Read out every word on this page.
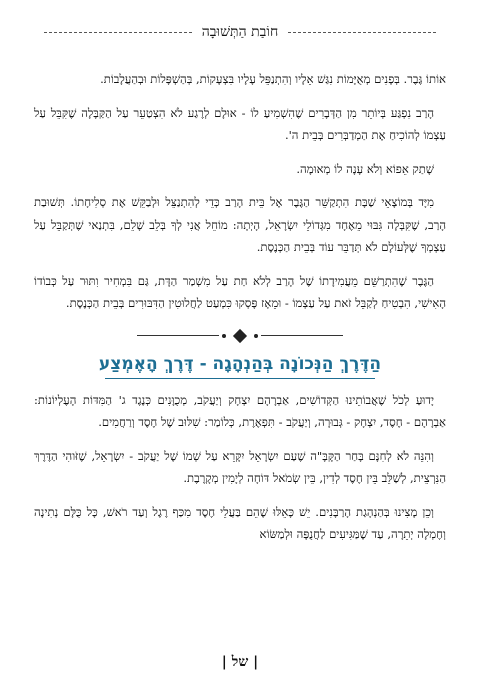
חוֹבַת הַתְּשׁוּבָה

אוֹתוֹ גֶּבֶר. בְּפָנִים מְאֻיָּמוֹת נִגַּשׁ אֵלָיו וְהִתְנַפֵּל עָלָיו בִּצְעָקוֹת, בְּהַשְׁפָּלוֹת וּבְהַעֲלָבוֹת.

הָרַב נִפְגַּע בְּיוֹתֵר מִן הַדְּבָרִים שֶׁהִשְׁמִיעַ לוֹ - אוּלָם לְרֶגַע לֹא הִצְטַעֵר עַל הַקַּבָּלָה שֶׁקִּבֵּל עַל עַצְמוֹ לְהוֹכִיחַ אֶת הַמְדַבְּרִים בְּבֵית ה'.

שָׁתַק אֵפוֹא וְלֹא עָנָה לוֹ מְאוּמָה.

מִיָּד בְּמוֹצָאֵי שַׁבָּת הִתְקַשֵּׁר הַגֶּבֶר אֶל בֵּית הָרַב כְּדֵי לְהִתְנַצֵּל וּלְבַקֵּשׁ אֶת סְלִיחָתוֹ. תְּשׁוּבַת הָרַב, שֶׁקִּבְּלָה גִּבּוּי מֵאֶחָד מִגְּדוֹלֵי יִשְׂרָאֵל, הָיְתָה: מוֹחֵל אֲנִי לְךָ בְּלֵב שָׁלֵם, בִּתְנַאי שֶׁתְּקַבֵּל עַל עַצְמְךָ שֶׁלְּעוֹלָם לֹא תְּדַבֵּר עוֹד בְּבֵית הַכְּנֶסֶת.

הַגֶּבֶר שֶׁהִתְרַשֵּׁם מֵעֲמִידָתוֹ שֶׁל הָרַב לְלֹא חַת עַל מִשְׁמַר הַדָּת, גַּם בִּמְחִיר וִתּוּר עַל כְּבוֹדוֹ הָאִישִׁי, הִבְטִיחַ לְקַבֵּל זֹאת עַל עַצְמוֹ - וּמֵאָז פָּסְקוּ כִּמְעַט לַחֲלוּטִין הַדִּבּוּרִים בְּבֵית הַכְּנֶסֶת.

הַדֶּרֶךְ הַנְּכוֹנָה בְּהַנְהָגָה - דֶּרֶךְ הָאֶמְצַע

יָדוּעַ לְכֹל שֶׁאֲבוֹתֵינוּ הַקְּדוֹשִׁים, אַבְרָהָם יִצְחָק וְיַעֲקֹב, מְכֻוָּנִים כְּנֶגֶד ג' הַמִּדּוֹת הָעֶלְיוֹנוֹת: אַבְרָהָם - חֶסֶד, יִצְחָק - גְּבוּרָה, וְיַעֲקֹב - תִּפְאֶרֶת, כְּלוֹמַר: שִׁלּוּב שֶׁל חֶסֶד וְרַחֲמִים.

וְהִנֵּה לֹא לְחִנָּם בָּחַר הַקָּבָּ"ה שֶׁעַם יִשְׂרָאֵל יִקָּרֵא עַל שְׁמוֹ שֶׁל יַעֲקֹב - יִשְׂרָאֵל, שֶׁזֹּוהִי הַדֶּרֶךְ הַנִּרְצֵית, לְשַׁלֵּב בֵּין חֶסֶד לְדִין, בֵּין שְׂמֹאל דּוֹחָה לְיָמִין מְקָרֶבֶת.

וְכֵן מָצִינוּ בְּהַנְהָגַת הָרַבָּנִים. יֵשׁ כָּאֵלּוּ שֶׁהֵם בַּעֲלֵי חֶסֶד מִכַּף רֶגֶל וְעַד רֹאשׁ, כָּל כֻּלָּם נְתִינָה וְחֶמְלָה יְתֵרָה, עַד שֶׁמַּגִּיעִים לַחֲנֻפָּה וּלְמַשּׂוֹא

| של |
